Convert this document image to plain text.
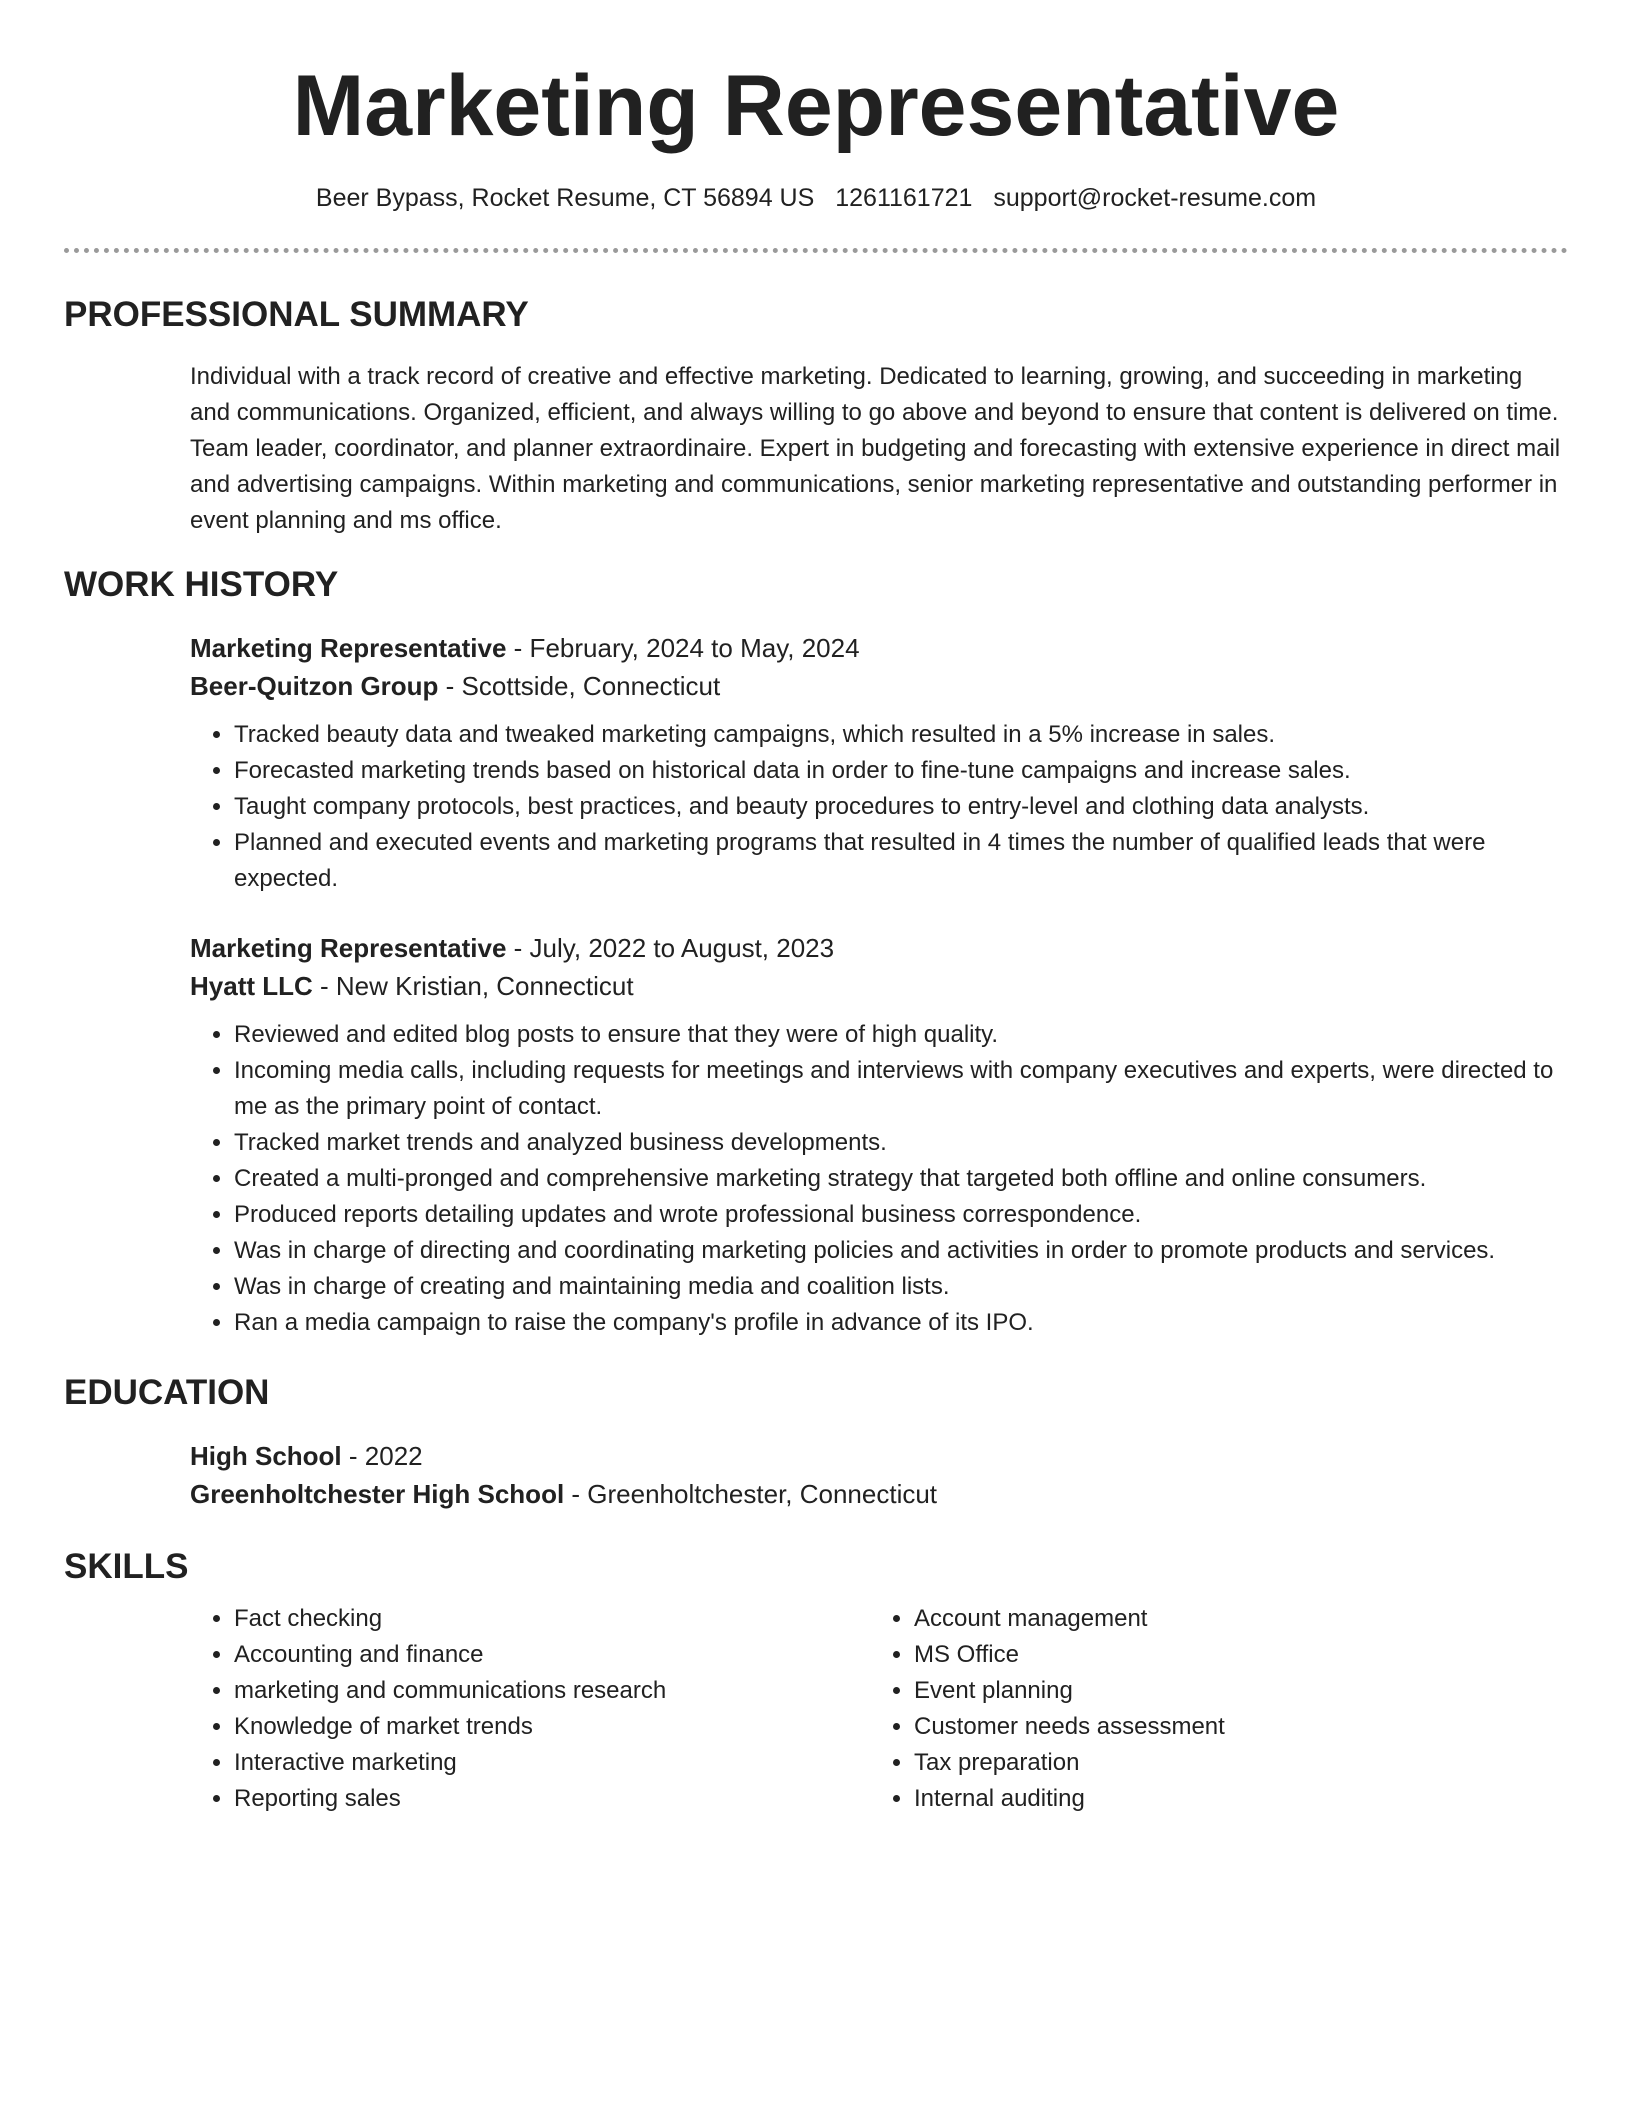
Marketing Representative
Beer Bypass, Rocket Resume, CT 56894 US 1261161721 support@rocket-resume.com
PROFESSIONAL SUMMARY
Individual with a track record of creative and effective marketing. Dedicated to learning, growing, and succeeding in marketing and communications. Organized, efficient, and always willing to go above and beyond to ensure that content is delivered on time. Team leader, coordinator, and planner extraordinaire. Expert in budgeting and forecasting with extensive experience in direct mail and advertising campaigns. Within marketing and communications, senior marketing representative and outstanding performer in event planning and ms office.
WORK HISTORY
Marketing Representative - February, 2024 to May, 2024
Beer-Quitzon Group - Scottside, Connecticut
• Tracked beauty data and tweaked marketing campaigns, which resulted in a 5% increase in sales.
• Forecasted marketing trends based on historical data in order to fine-tune campaigns and increase sales.
• Taught company protocols, best practices, and beauty procedures to entry-level and clothing data analysts.
• Planned and executed events and marketing programs that resulted in 4 times the number of qualified leads that were expected.
Marketing Representative - July, 2022 to August, 2023
Hyatt LLC - New Kristian, Connecticut
• Reviewed and edited blog posts to ensure that they were of high quality.
• Incoming media calls, including requests for meetings and interviews with company executives and experts, were directed to me as the primary point of contact.
• Tracked market trends and analyzed business developments.
• Created a multi-pronged and comprehensive marketing strategy that targeted both offline and online consumers.
• Produced reports detailing updates and wrote professional business correspondence.
• Was in charge of directing and coordinating marketing policies and activities in order to promote products and services.
• Was in charge of creating and maintaining media and coalition lists.
• Ran a media campaign to raise the company's profile in advance of its IPO.
EDUCATION
High School - 2022
Greenholtchester High School - Greenholtchester, Connecticut
SKILLS
• Fact checking
• Accounting and finance
• marketing and communications research
• Knowledge of market trends
• Interactive marketing
• Reporting sales
• Account management
• MS Office
• Event planning
• Customer needs assessment
• Tax preparation
• Internal auditing
